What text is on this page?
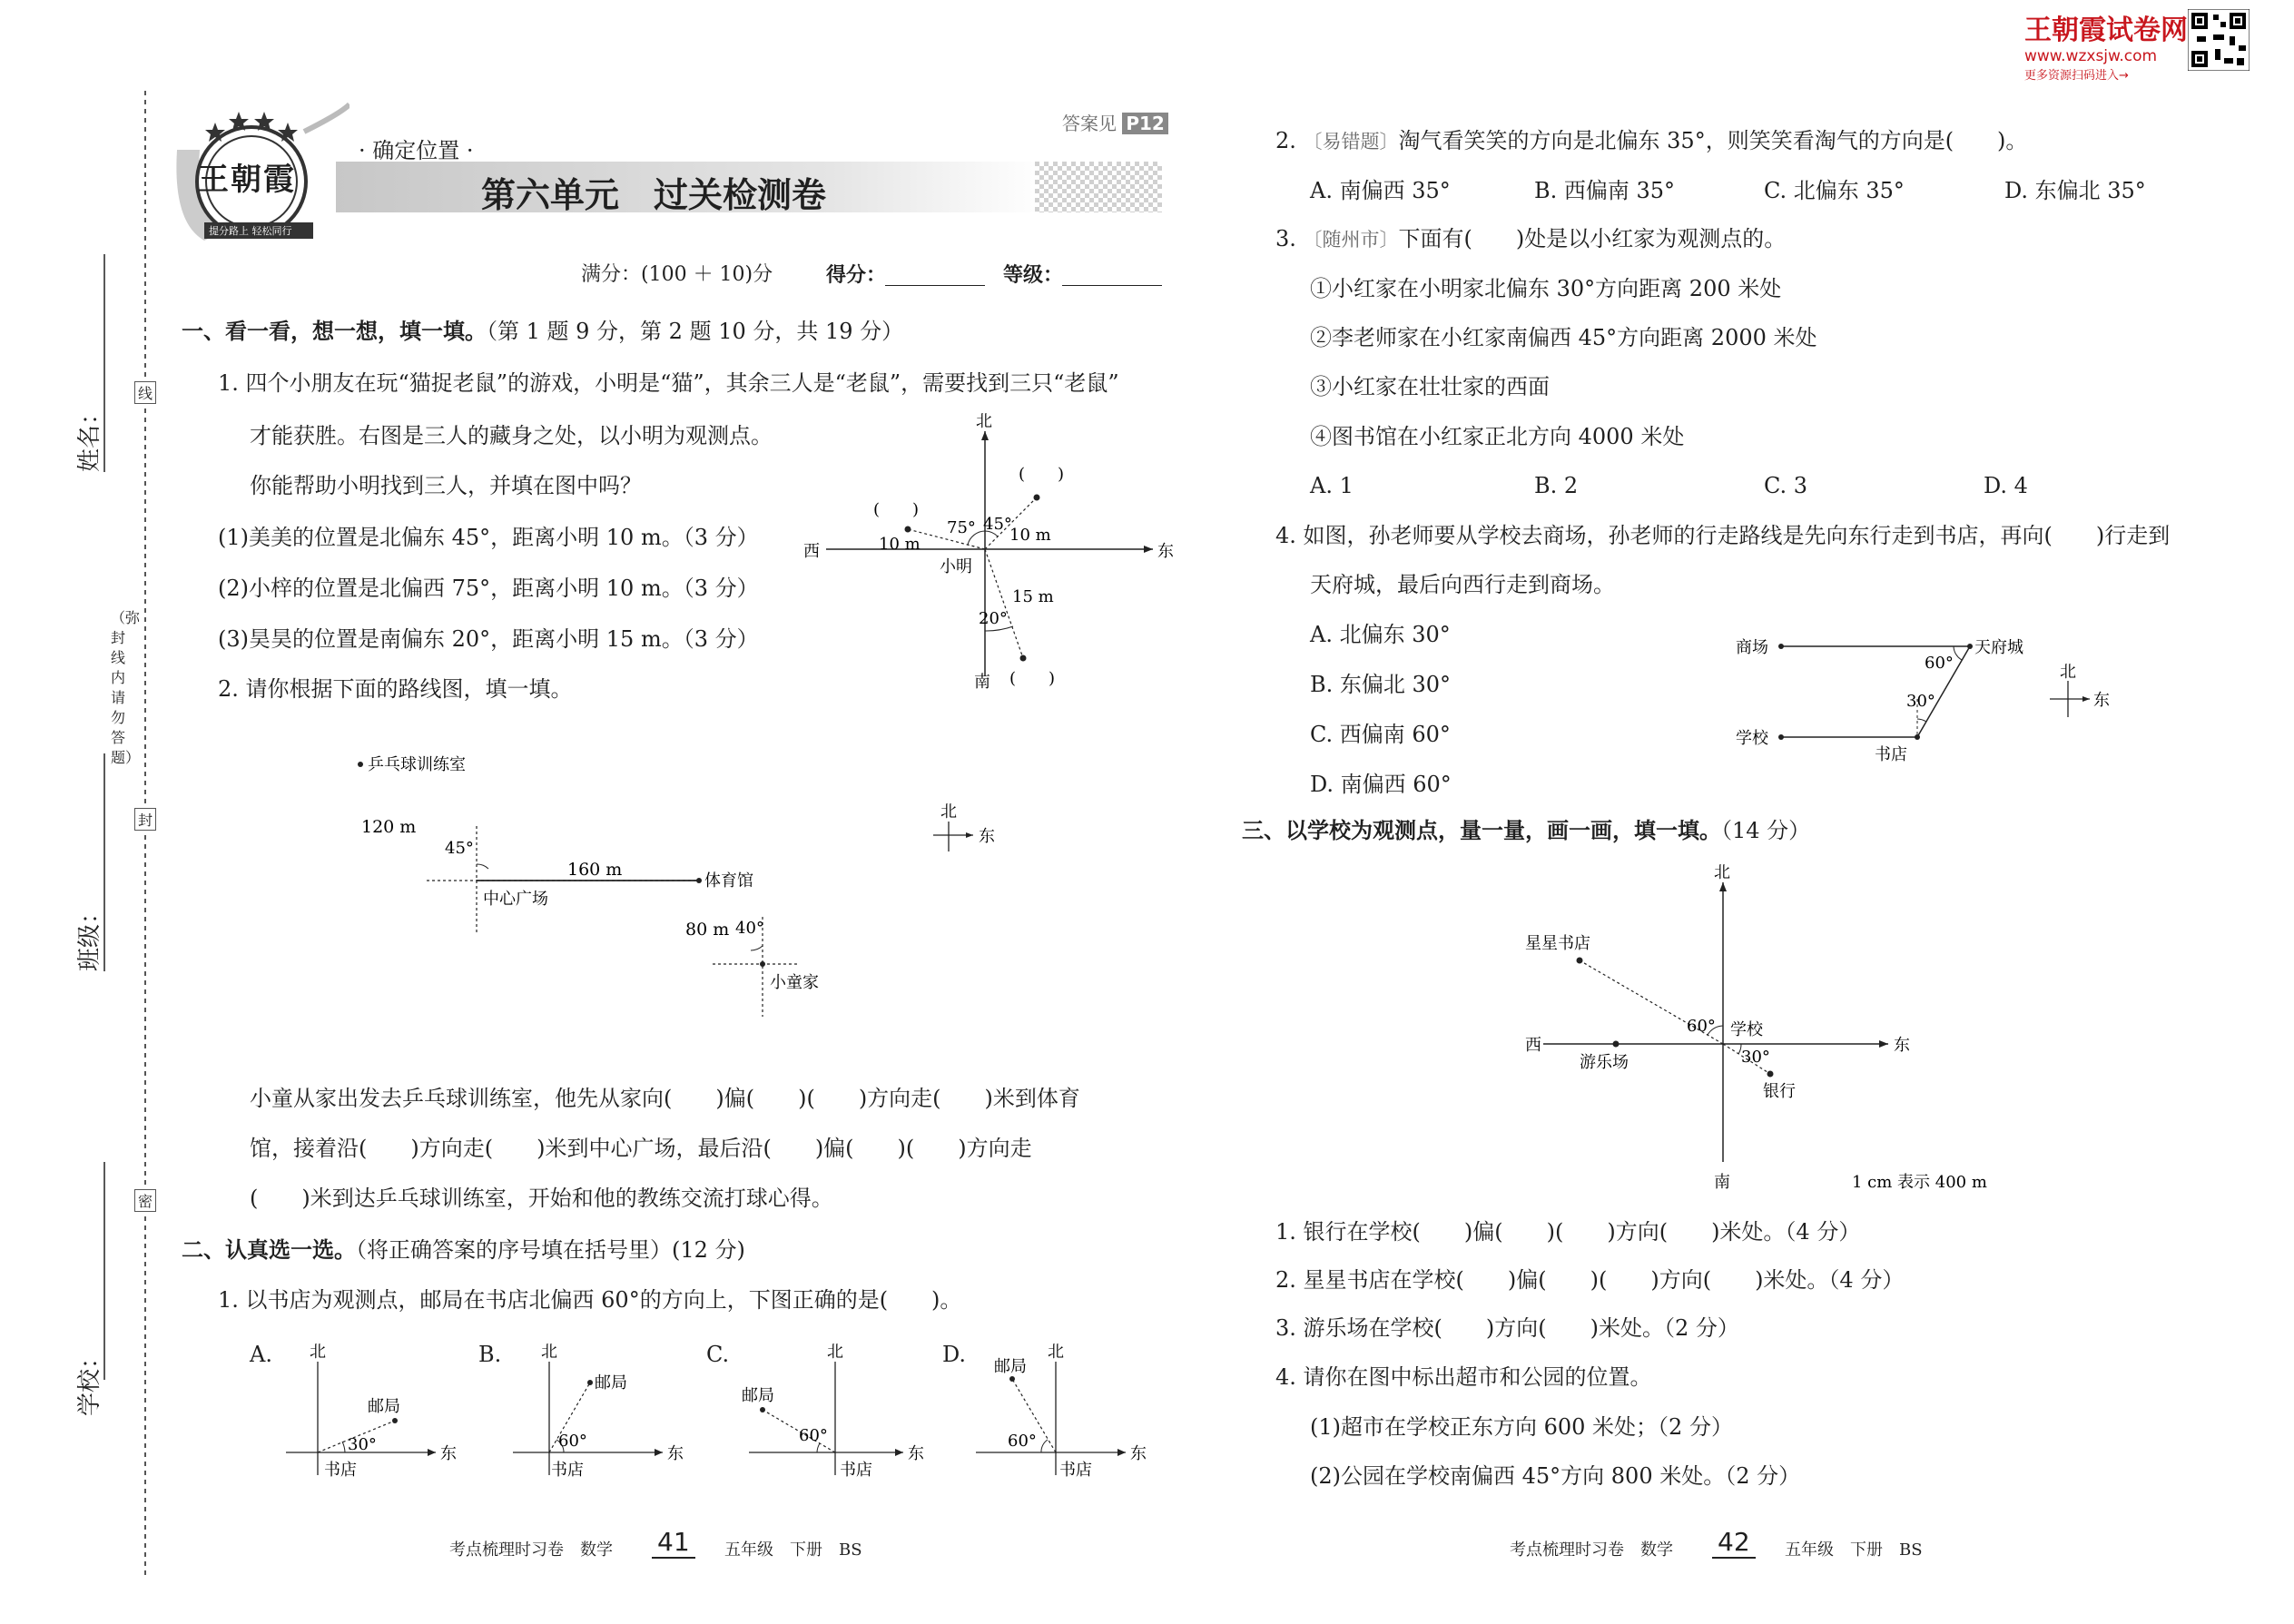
王朝霞试卷网
www.wzxsjw.com
更多资源扫码进入→
线
封
密
（弥封线内请勿答题）
姓名：
班级：
学校：
王朝霞
提分路上 轻松同行
· 确定位置 ·
第六单元　过关检测卷
答案见 P12
满分：(100 ＋ 10)分	得分：	等级：
一、看一看，想一想，填一填。（第 1 题 9 分，第 2 题 10 分，共 19 分）
1. 四个小朋友在玩“猫捉老鼠”的游戏，小明是“猫”，其余三人是“老鼠”，需要找到三只“老鼠”
才能获胜。右图是三人的藏身之处，以小明为观测点。
你能帮助小明找到三人，并填在图中吗？
(1)美美的位置是北偏东 45°，距离小明 10 m。（3 分）
(2)小梓的位置是北偏西 75°，距离小明 10 m。（3 分）
(3)昊昊的位置是南偏东 20°，距离小明 15 m。（3 分）
2. 请你根据下面的路线图，填一填。
北
南
东
西
小明
10 m	10 m
15 m
75° 45°
20°
(　　)
(　　)
(　　)
乒乓球训练室
120 m
45°
160 m
体育馆
中心广场
80 m 40°
小童家
北
东
小童从家出发去乒乓球训练室，他先从家向(　　)偏(　　)(　　)方向走(　　)米到体育
馆，接着沿(　　)方向走(　　)米到中心广场，最后沿(　　)偏(　　)(　　)方向走
(　　)米到达乒乓球训练室，开始和他的教练交流打球心得。
二、认真选一选。（将正确答案的序号填在括号里）(12 分)
1. 以书店为观测点，邮局在书店北偏西 60°的方向上，下图正确的是(　　)。
A. 北
东
邮局
书店
30°
B. 北
东
邮局
书店
60°
C.	北
东
邮局
书店
60°
D.	北
东
邮局
书店
60°
考点梳理时习卷　 数学 41	五年级　 下册　 BS
2. 〔易错题〕淘气看笑笑的方向是北偏东 35°，则笑笑看淘气的方向是(　　)。
A. 南偏西 35°	B. 西偏南 35°	C. 北偏东 35°	D. 东偏北 35°
3. 〔随州市〕下面有(　　)处是以小红家为观测点的。
①小红家在小明家北偏东 30°方向距离 200 米处
②李老师家在小红家南偏西 45°方向距离 2000 米处
③小红家在壮壮家的西面
④图书馆在小红家正北方向 4000 米处
A. 1	B. 2	C. 3	D. 4
4. 如图，孙老师要从学校去商场，孙老师的行走路线是先向东行走到书店，再向(　　)行走到
天府城，最后向西行走到商场。
A. 北偏东 30°
B. 东偏北 30°
C. 西偏南 60°
D. 南偏西 60°
商场	天府城
学校
书店
60°
30°
北
东
三、以学校为观测点，量一量，画一画，填一填。（14 分）
北
南
东
西
星星书店
学校
游乐场
银行
60°
30°
1 cm 表示 400 m
1. 银行在学校(　　)偏(　　)(　　)方向(　　)米处。（4 分）
2. 星星书店在学校(　　)偏(　　)(　　)方向(　　)米处。（4 分）
3. 游乐场在学校(　　)方向(　　)米处。（2 分）
4. 请你在图中标出超市和公园的位置。
(1)超市在学校正东方向 600 米处；（2 分）
(2)公园在学校南偏西 45°方向 800 米处。（2 分）
考点梳理时习卷　 数学 42	五年级　 下册　 BS
